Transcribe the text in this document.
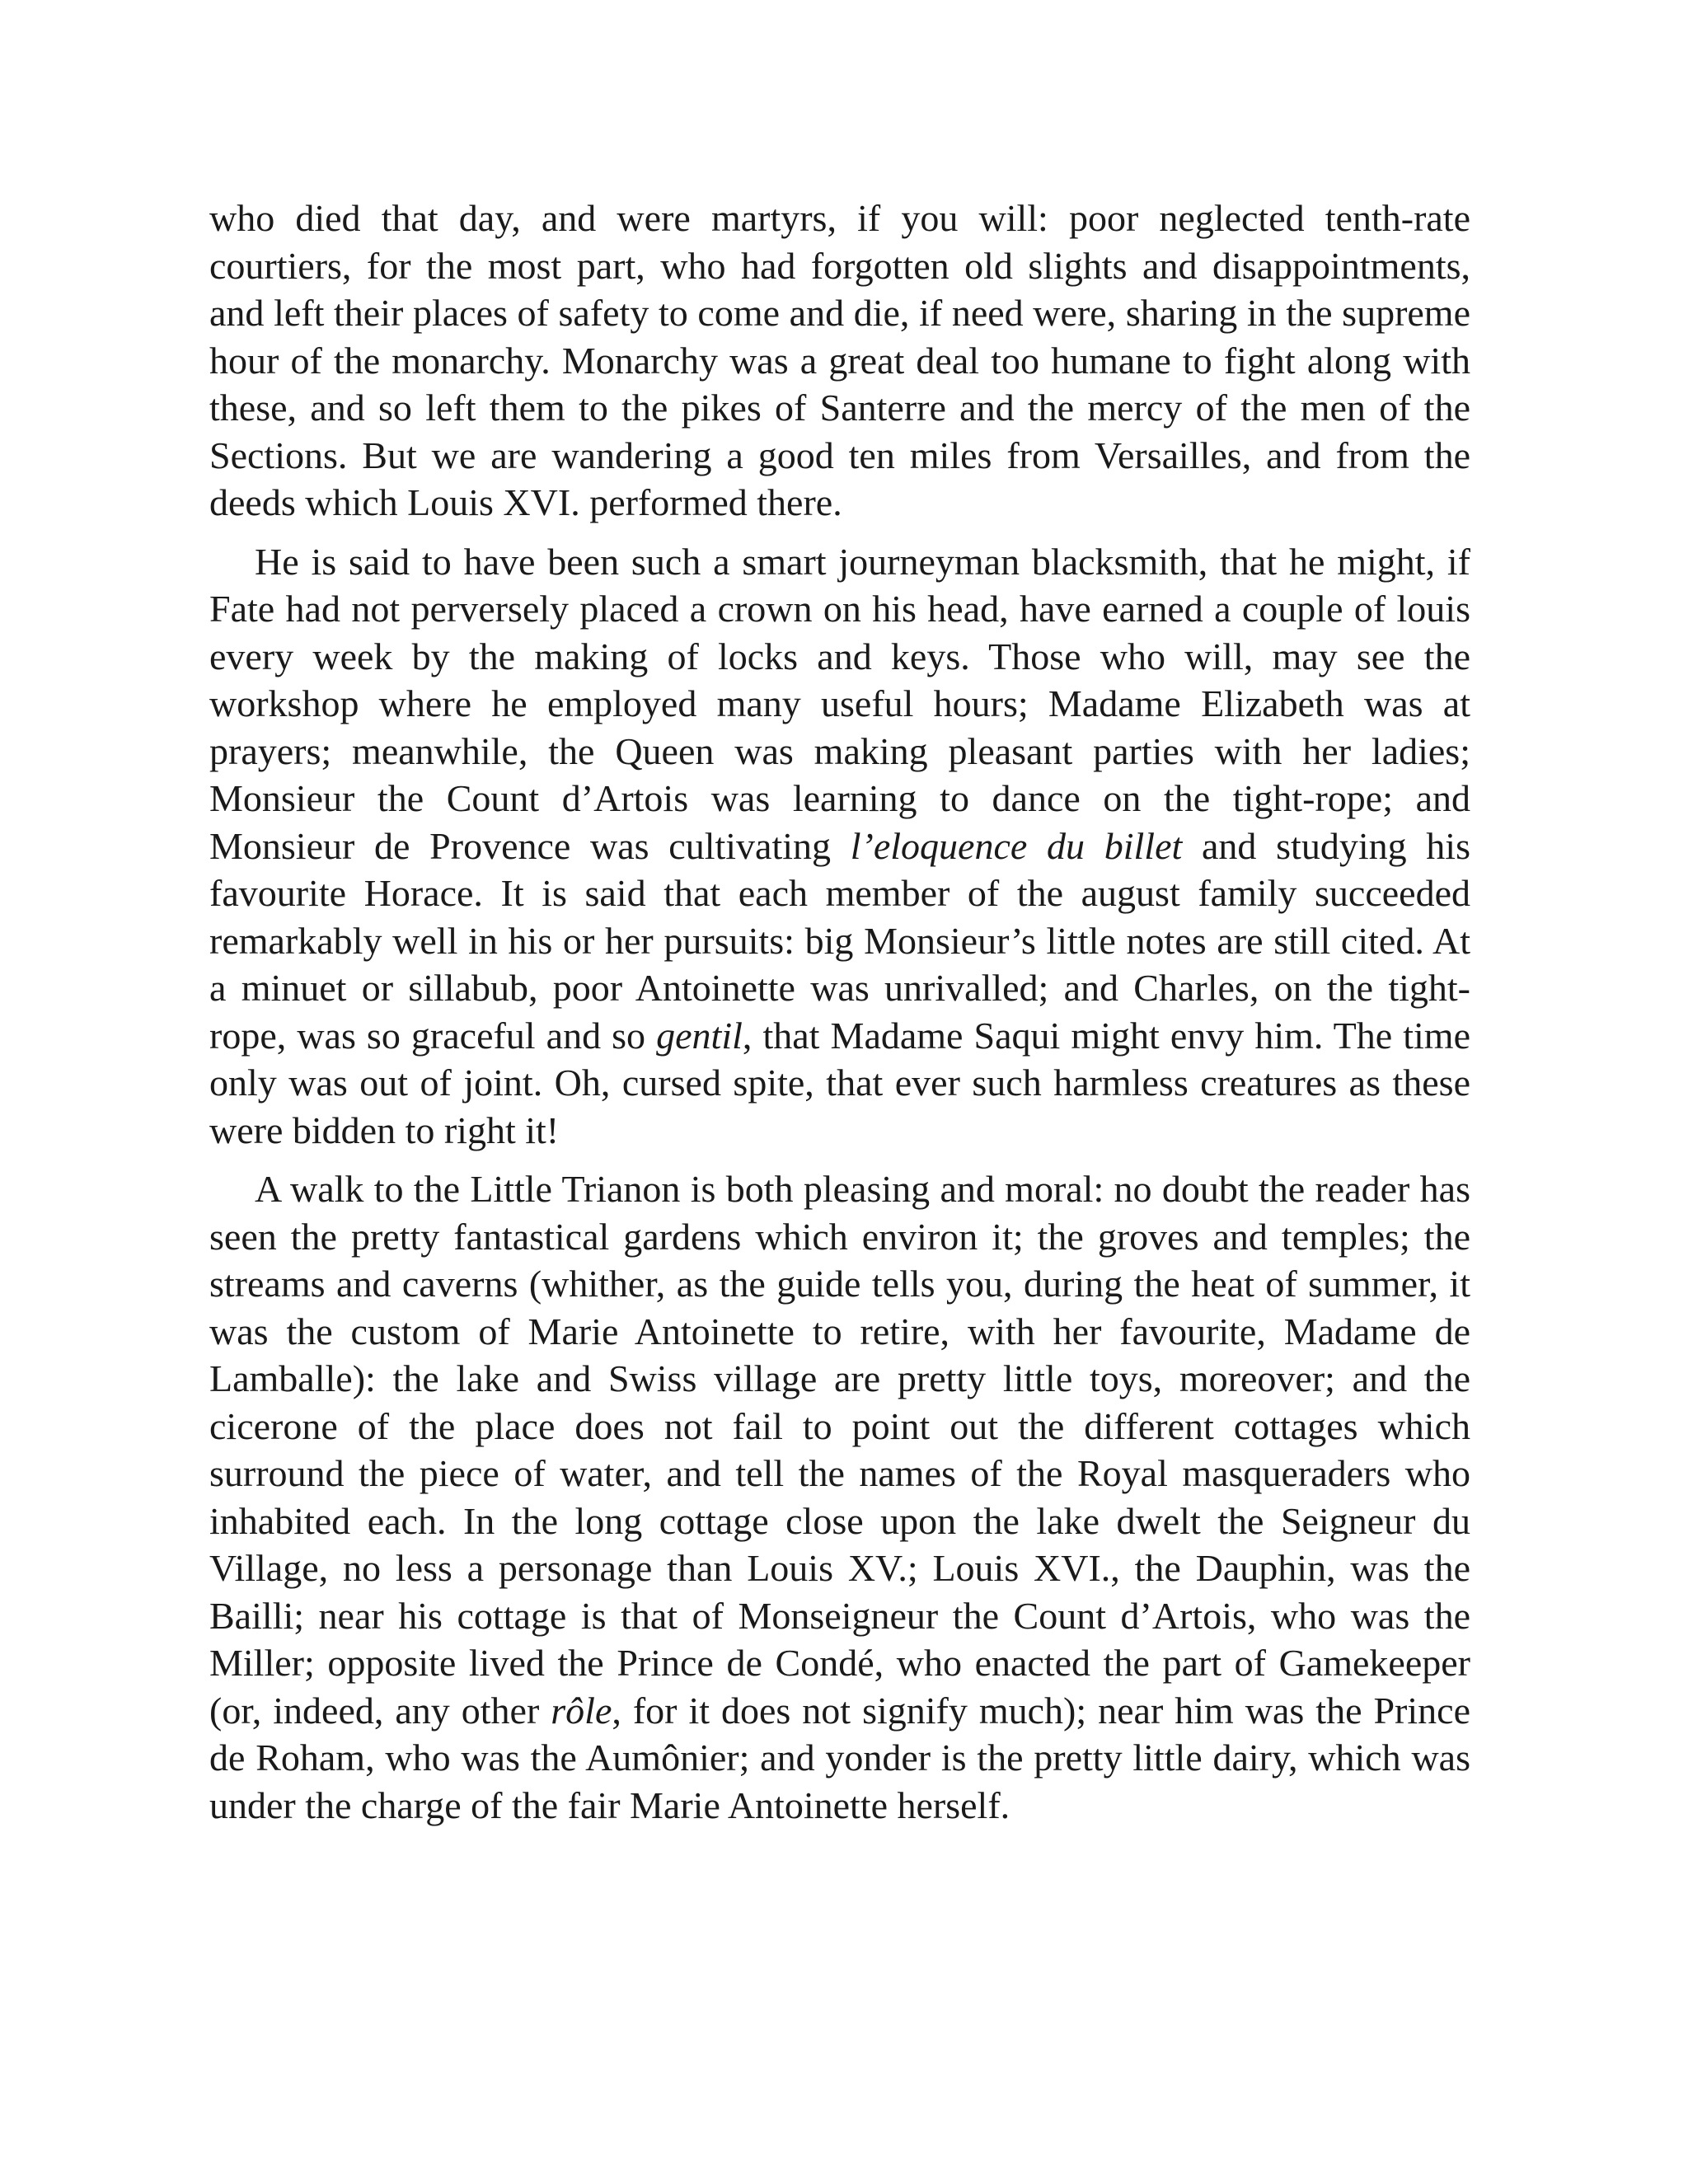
who died that day, and were martyrs, if you will: poor neglected tenth-rate courtiers, for the most part, who had forgotten old slights and disappointments, and left their places of safety to come and die, if need were, sharing in the supreme hour of the monarchy. Monarchy was a great deal too humane to fight along with these, and so left them to the pikes of Santerre and the mercy of the men of the Sections. But we are wandering a good ten miles from Versailles, and from the deeds which Louis XVI. performed there.

He is said to have been such a smart journeyman blacksmith, that he might, if Fate had not perversely placed a crown on his head, have earned a couple of louis every week by the making of locks and keys. Those who will, may see the workshop where he employed many useful hours; Madame Elizabeth was at prayers; meanwhile, the Queen was making pleasant parties with her ladies; Monsieur the Count d’Artois was learning to dance on the tight-rope; and Monsieur de Provence was cultivating l’eloquence du billet and studying his favourite Horace. It is said that each member of the august family succeeded remarkably well in his or her pursuits: big Monsieur’s little notes are still cited. At a minuet or sillabub, poor Antoinette was unrivalled; and Charles, on the tight-rope, was so graceful and so gentil, that Madame Saqui might envy him. The time only was out of joint. Oh, cursed spite, that ever such harmless creatures as these were bidden to right it!

A walk to the Little Trianon is both pleasing and moral: no doubt the reader has seen the pretty fantastical gardens which environ it; the groves and temples; the streams and caverns (whither, as the guide tells you, during the heat of summer, it was the custom of Marie Antoinette to retire, with her favourite, Madame de Lamballe): the lake and Swiss village are pretty little toys, moreover; and the cicerone of the place does not fail to point out the different cottages which surround the piece of water, and tell the names of the Royal masqueraders who inhabited each. In the long cottage close upon the lake dwelt the Seigneur du Village, no less a personage than Louis XV.; Louis XVI., the Dauphin, was the Bailli; near his cottage is that of Monseigneur the Count d’Artois, who was the Miller; opposite lived the Prince de Condé, who enacted the part of Gamekeeper (or, indeed, any other rôle, for it does not signify much); near him was the Prince de Roham, who was the Aumônier; and yonder is the pretty little dairy, which was under the charge of the fair Marie Antoinette herself.
